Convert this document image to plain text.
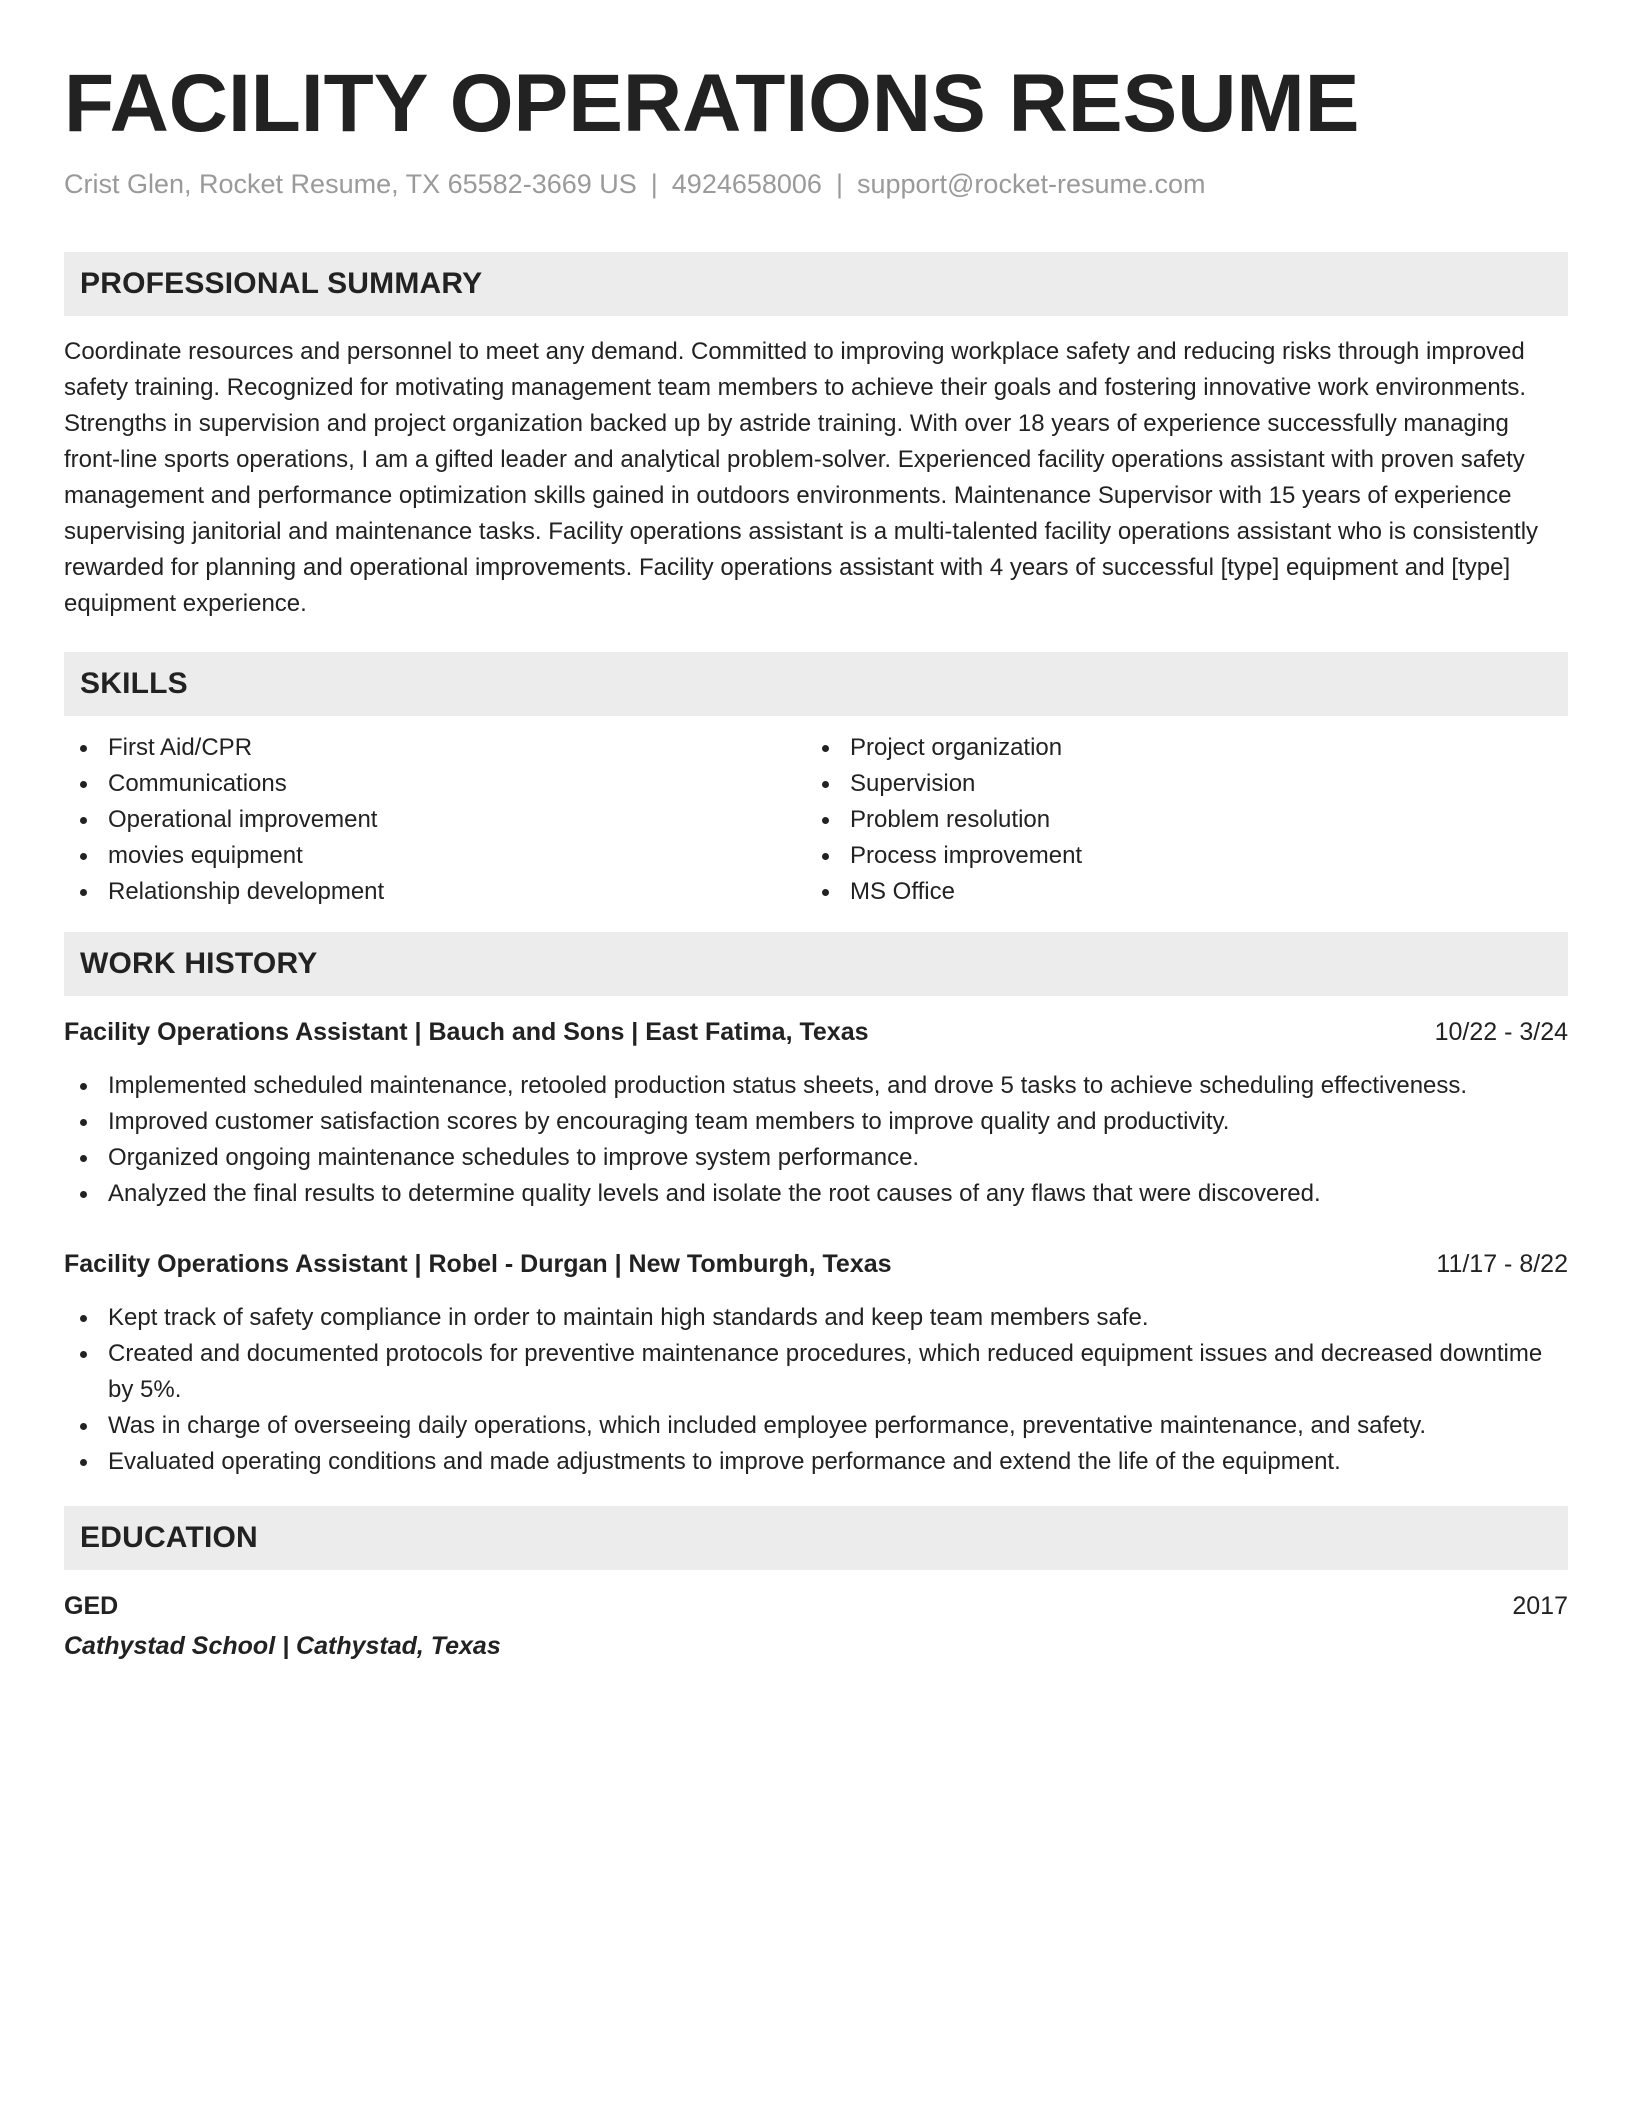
FACILITY OPERATIONS RESUME
Crist Glen, Rocket Resume, TX 65582-3669 US | 4924658006 | support@rocket-resume.com
PROFESSIONAL SUMMARY

Coordinate resources and personnel to meet any demand. Committed to improving workplace safety and reducing risks through improved safety training. Recognized for motivating management team members to achieve their goals and fostering innovative work environments. Strengths in supervision and project organization backed up by astride training. With over 18 years of experience successfully managing front-line sports operations, I am a gifted leader and analytical problem-solver. Experienced facility operations assistant with proven safety management and performance optimization skills gained in outdoors environments. Maintenance Supervisor with 15 years of experience supervising janitorial and maintenance tasks. Facility operations assistant is a multi-talented facility operations assistant who is consistently rewarded for planning and operational improvements. Facility operations assistant with 4 years of successful [type] equipment and [type] equipment experience.

SKILLS
First Aid/CPR
Communications
Operational improvement
movies equipment
Relationship development
Project organization
Supervision
Problem resolution
Process improvement
MS Office
WORK HISTORY
Facility Operations Assistant | Bauch and Sons | East Fatima, Texas	10/22 - 3/24
Implemented scheduled maintenance, retooled production status sheets, and drove 5 tasks to achieve scheduling effectiveness.
Improved customer satisfaction scores by encouraging team members to improve quality and productivity.
Organized ongoing maintenance schedules to improve system performance.
Analyzed the final results to determine quality levels and isolate the root causes of any flaws that were discovered.
Facility Operations Assistant | Robel - Durgan | New Tomburgh, Texas	11/17 - 8/22
Kept track of safety compliance in order to maintain high standards and keep team members safe.
Created and documented protocols for preventive maintenance procedures, which reduced equipment issues and decreased downtime by 5%.
Was in charge of overseeing daily operations, which included employee performance, preventative maintenance, and safety.
Evaluated operating conditions and made adjustments to improve performance and extend the life of the equipment.
EDUCATION
GED	2017
Cathystad School | Cathystad, Texas
